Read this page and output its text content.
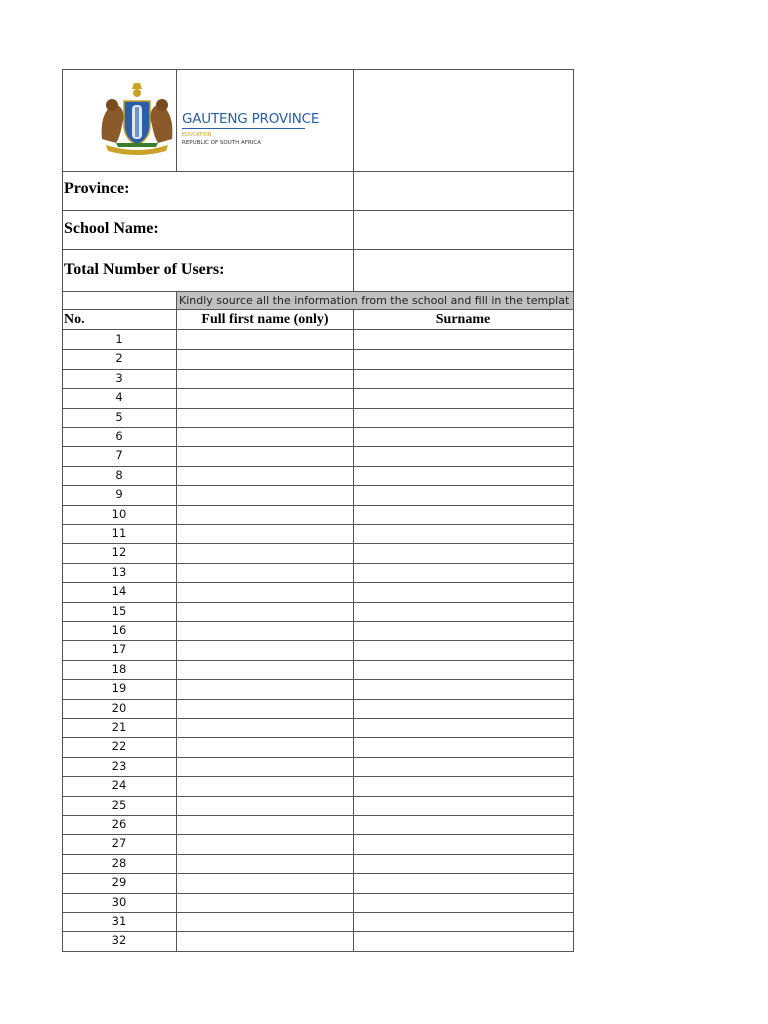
GAUTENG PROVINCE
EDUCATION
REPUBLIC OF SOUTH AFRICA
Province:
School Name:
Total Number of Users:
Kindly source all the information from the school and fill in the templat
No.	Full first name (only)	Surname
1
2
3
4
5
6
7
8
9
10
11
12
13
14
15
16
17
18
19
20
21
22
23
24
25
26
27
28
29
30
31
32
